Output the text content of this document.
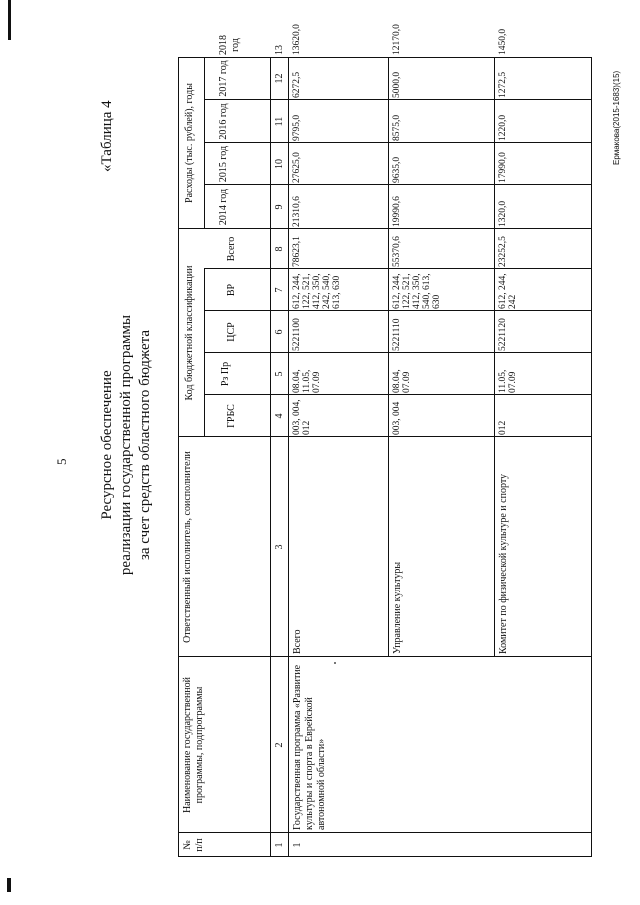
5
«Таблица 4
Ресурсное обеспечение реализации государственной программы за счет средств областного бюджета
Ермакова(2015-1683)(15)
№ п/п
Наименование государственной программы, подпрограммы
Ответственный исполнитель, соисполнители
Код бюджетной классификации
ГРБС
Рз Пр
ЦСР
ВР
Всего
Расходы (тыс. рублей), годы
2014 год
2015 год
2016 год
2017 год
2018 год
1
2
3
4
5
6
7
8
9
10
11
12
13
1
Государственная программа «Развитие культуры и спорта в Еврейской автономной области»
Всего
003, 004, 012
08.04, 11.05, 07.09
5221100
612, 244, 122, 521, 412, 350, 242, 540, 613, 630
78623,1
21310,6
27625,0
9795,0
6272,5
13620,0
Управление культуры
003, 004
08.04, 07.09
5221110
612, 244, 122, 521, 412, 350, 540, 613, 630
55370,6
19990,6
9635,0
8575,0
5000,0
12170,0
Комитет по физической культуре и спорту
012
11.05, 07.09
5221120
612, 244, 242
23252,5
1320,0
17990,0
1220,0
1272,5
1450,0
